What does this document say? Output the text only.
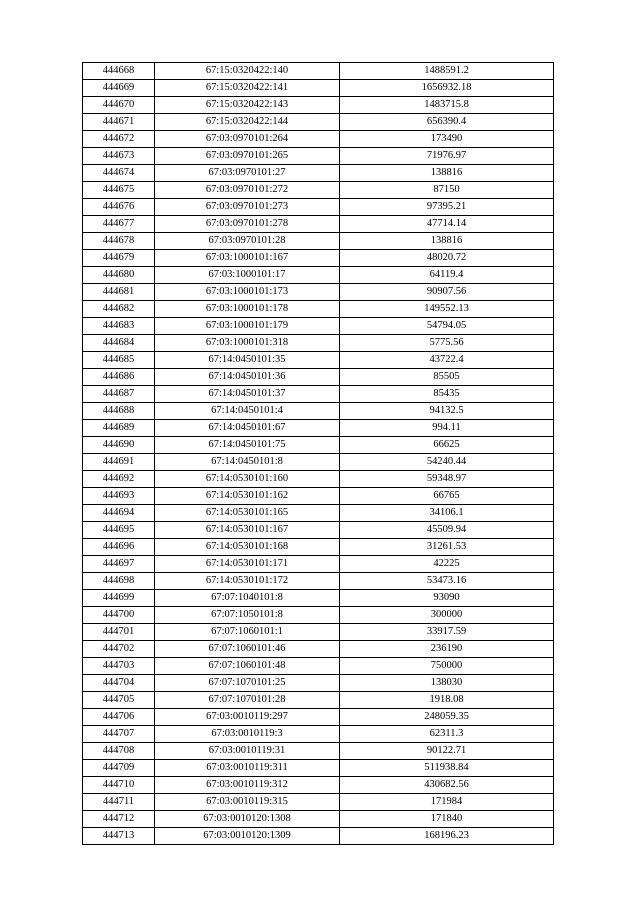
444668	67:15:0320422:140	1488591.2
444669	67:15:0320422:141	1656932.18
444670	67:15:0320422:143	1483715.8
444671	67:15:0320422:144	656390.4
444672	67:03:0970101:264	173490
444673	67:03:0970101:265	71976.97
444674	67:03:0970101:27	138816
444675	67:03:0970101:272	87150
444676	67:03:0970101:273	97395.21
444677	67:03:0970101:278	47714.14
444678	67:03:0970101:28	138816
444679	67:03:1000101:167	48020.72
444680	67:03:1000101:17	64119.4
444681	67:03:1000101:173	90907.56
444682	67:03:1000101:178	149552.13
444683	67:03:1000101:179	54794.05
444684	67:03:1000101:318	5775.56
444685	67:14:0450101:35	43722.4
444686	67:14:0450101:36	85505
444687	67:14:0450101:37	85435
444688	67:14:0450101:4	94132.5
444689	67:14:0450101:67	994.11
444690	67:14:0450101:75	66625
444691	67:14:0450101:8	54240.44
444692	67:14:0530101:160	59348.97
444693	67:14:0530101:162	66765
444694	67:14:0530101:165	34106.1
444695	67:14:0530101:167	45509.94
444696	67:14:0530101:168	31261.53
444697	67:14:0530101:171	42225
444698	67:14:0530101:172	53473.16
444699	67:07:1040101:8	93090
444700	67:07:1050101:8	300000
444701	67:07:1060101:1	33917.59
444702	67:07:1060101:46	236190
444703	67:07:1060101:48	750000
444704	67:07:1070101:25	138030
444705	67:07:1070101:28	1918.08
444706	67:03:0010119:297	248059.35
444707	67:03:0010119:3	62311.3
444708	67:03:0010119:31	90122.71
444709	67:03:0010119:311	511938.84
444710	67:03:0010119:312	430682.56
444711	67:03:0010119:315	171984
444712	67:03:0010120:1308	171840
444713	67:03:0010120:1309	168196.23
